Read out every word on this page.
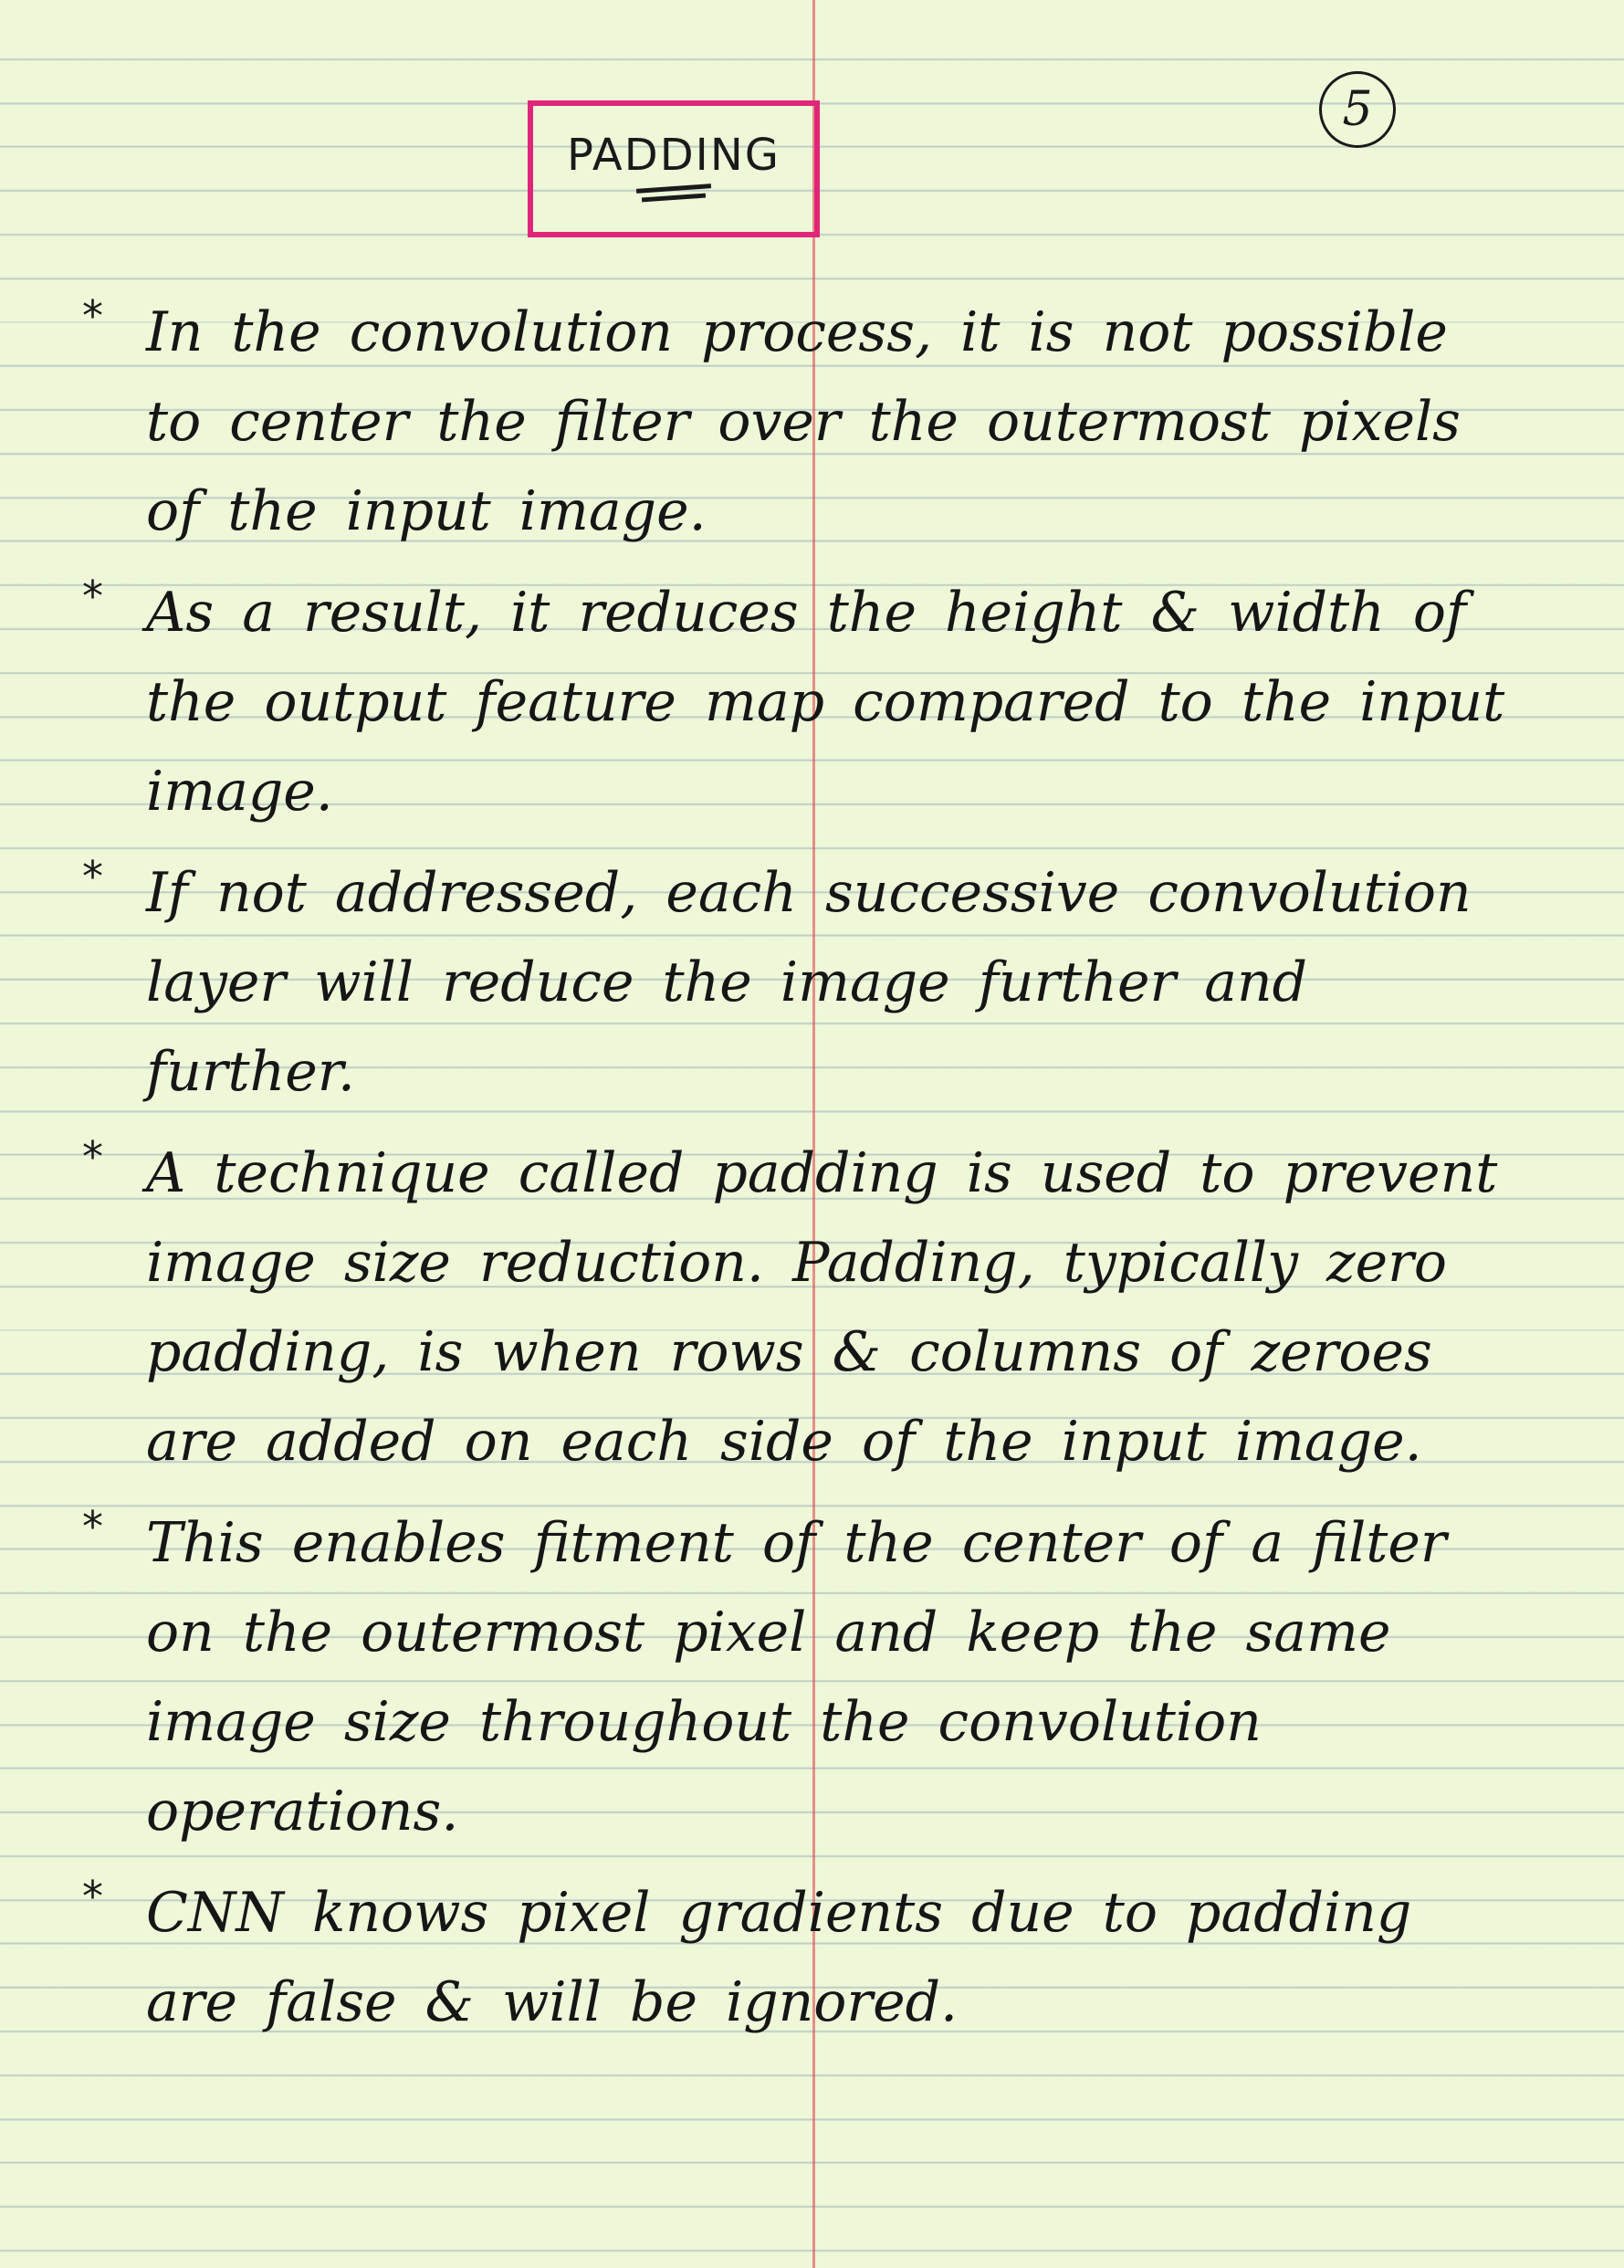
5
PADDING
* In the convolution process, it is not possible to center the filter over the outermost pixels of the input image.
* As a result, it reduces the height & width of the output feature map compared to the input image.
* If not addressed, each successive convolution layer will reduce the image further and further.
* A technique called padding is used to prevent image size reduction. Padding, typically zero padding, is when rows & columns of zeroes are added on each side of the input image.
* This enables fitment of the center of a filter on the outermost pixel and keep the same image size throughout the convolution operations.
* CNN knows pixel gradients due to padding are false & will be ignored.
